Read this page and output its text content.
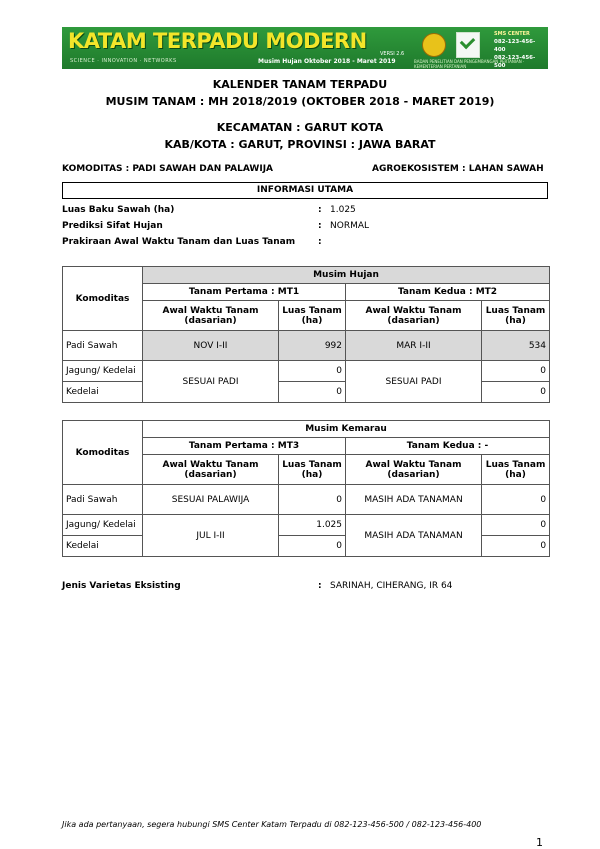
KATAM TERPADU MODERN
SCIENCE · INNOVATION · NETWORKS
VERSI 2.6
Musim Hujan Oktober 2018 - Maret 2019	BADAN PENELITIAN DAN PENGEMBANGAN PERTANIAN · KEMENTERIAN PERTANIAN
SMS CENTER
082-123-456-400
082-123-456-500
KALENDER TANAM TERPADU
MUSIM TANAM : MH 2018/2019 (OKTOBER 2018 - MARET 2019)
KECAMATAN : GARUT KOTA
KAB/KOTA : GARUT, PROVINSI : JAWA BARAT
KOMODITAS : PADI SAWAH DAN PALAWIJA	AGROEKOSISTEM : LAHAN SAWAH
INFORMASI UTAMA
Luas Baku Sawah (ha)	: 1.025
Prediksi Sifat Hujan	: NORMAL
Prakiraan Awal Waktu Tanam dan Luas Tanam	:
Komoditas	Musim Hujan			
	Tanam Pertama : MT1		Tanam Kedua : MT2	
	Awal Waktu Tanam (dasarian)	Luas Tanam (ha)	Awal Waktu Tanam (dasarian)	Luas Tanam (ha)
Padi Sawah	NOV I-II	992	MAR I-II	534
Jagung/ Kedelai	SESUAI PADI	0	SESUAI PADI	0
Kedelai		0		0
Komoditas	Musim Kemarau			
	Tanam Pertama : MT3		Tanam Kedua : -	
	Awal Waktu Tanam (dasarian)	Luas Tanam (ha)	Awal Waktu Tanam (dasarian)	Luas Tanam (ha)
Padi Sawah	SESUAI PALAWIJA	0	MASIH ADA TANAMAN	0
Jagung/ Kedelai	JUL I-II	1.025	MASIH ADA TANAMAN	0
Kedelai		0		0
Jenis Varietas Eksisting	: SARINAH, CIHERANG, IR 64
Jika ada pertanyaan, segera hubungi SMS Center Katam Terpadu di 082-123-456-500 / 082-123-456-400
1
